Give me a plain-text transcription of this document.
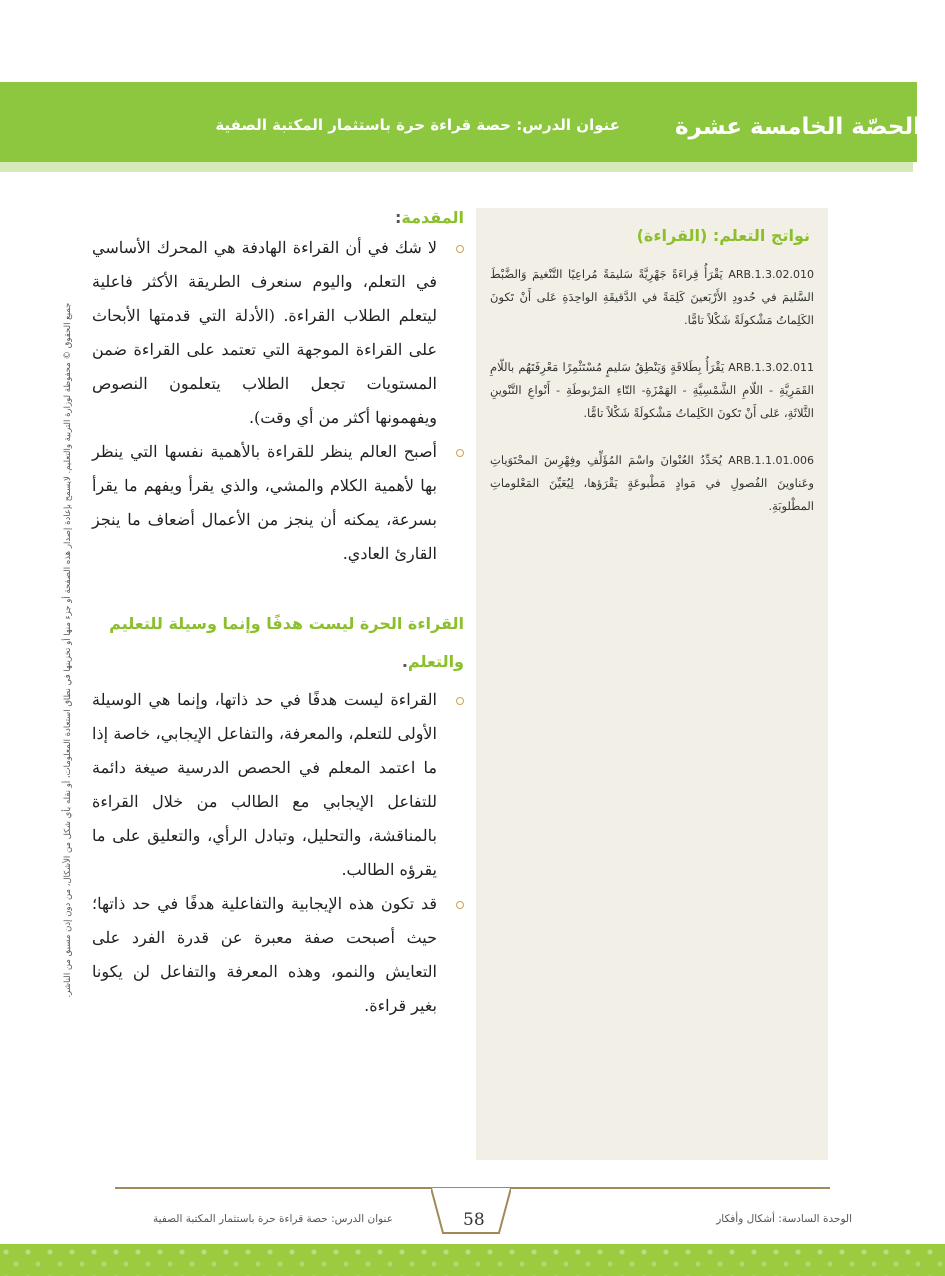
الحصّة الخامسة عشرة
عنوان الدرس: حصة قراءة حرة باستثمار المكتبة الصفية
نواتج التعلم: (القراءة)
ARB.1.3.02.010 يَقْرَأُ قِراءَةً جَهْرِيَّةً سَليمَةً مُراعِيًا التَّنْغيمَ وَالضَّبْطَ السَّليمَ في حُدودِ الأَرْبَعينَ كَلِمَةً في الدَّقيقَةِ الواحِدَةِ عَلى أَنْ تَكونَ الكَلِماتُ مَشْكولَةً شَكْلاً تامًّا.
ARB.1.3.02.011 يَقْرَأُ بِطَلاقَةٍ وَيَنْطِقُ سَليمٍ مُسْتَثْمِرًا مَعْرِفَتَهُم باللّامِ القَمَرِيَّةِ - اللّامِ الشَّمْسِيَّةِ - الهَمْزَةِ- التّاءِ المَرْبوطَةِ - أَنْواعِ التَّنْوينِ الثَّلاثَةِ، عَلى أَنْ تَكونَ الكَلِماتُ مَشْكولَةً شَكْلاً تامًّا.
ARB.1.1.01.006 يُحَدِّدُ العُنْوانَ واسْمَ المُؤَلِّفِ وفِهْرِسَ المحْتَوَياتِ وعَناوينَ الفُصولِ في مَوادٍ مَطْبوعَةٍ يَقْرَؤها، لِيُعَيِّنَ المَعْلوماتِ المطْلوبَةِ.
المقدمة:
لا شك في أن القراءة الهادفة هي المحرك الأساسي في التعلم، واليوم سنعرف الطريقة الأكثر فاعلية ليتعلم الطلاب القراءة. (الأدلة التي قدمتها الأبحاث على القراءة الموجهة التي تعتمد على القراءة ضمن المستويات تجعل الطلاب يتعلمون النصوص ويفهمونها أكثر من أي وقت).
أصبح العالم ينظر للقراءة بالأهمية نفسها التي ينظر بها لأهمية الكلام والمشي، والذي يقرأ ويفهم ما يقرأ بسرعة، يمكنه أن ينجز من الأعمال أضعاف ما ينجز القارئ العادي.
القراءة الحرة ليست هدفًا وإنما وسيلة للتعليم والتعلم.
القراءة ليست هدفًا في حد ذاتها، وإنما هي الوسيلة الأولى للتعلم، والمعرفة، والتفاعل الإيجابي، خاصة إذا ما اعتمد المعلم في الحصص الدرسية صيغة دائمة للتفاعل الإيجابي مع الطالب من خلال القراءة بالمناقشة، والتحليل، وتبادل الرأي، والتعليق على ما يقرؤه الطالب.
قد تكون هذه الإيجابية والتفاعلية هدفًا في حد ذاتها؛ حيث أصبحت صفة معبرة عن قدرة الفرد على التعايش والنمو، وهذه المعرفة والتفاعل لن يكونا بغير قراءة.
جميع الحقوق © محفوظة لوزارة التربية والتعليم. لايسمح بإعادة إصدار هذه الصفحة أو جزء منها أو تخزينها في نطاق استعادة المعلومات، أو نقله بأي شكل من الأشكال، من دون إذن مسبق من الناشر.
الوحدة السادسة: أشكال وأفكار
عنوان الدرس: حصة قراءة حرة باستثمار المكتبة الصفية	58
